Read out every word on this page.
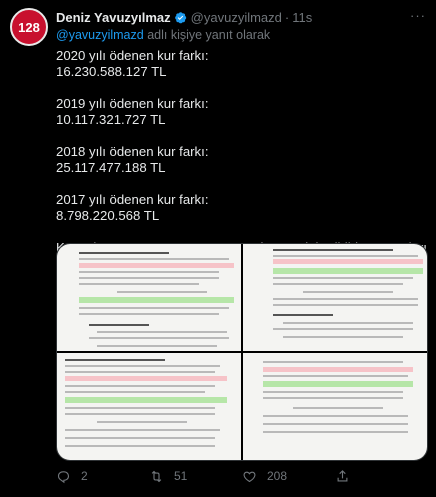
128
Deniz Yavuzyılmaz @yavuzyilmazd · 11s	···
@yavuzyilmazd adlı kişiye yanıt olarak

2020 yılı ödenen kur farkı:

16.230.588.127 TL

2019 yılı ödenen kur farkı:

10.117.321.727 TL

2018 yılı ödenen kur farkı:

25.117.477.188 TL

2017 yılı ödenen kur farkı:

8.798.220.568 TL

2	51	208
